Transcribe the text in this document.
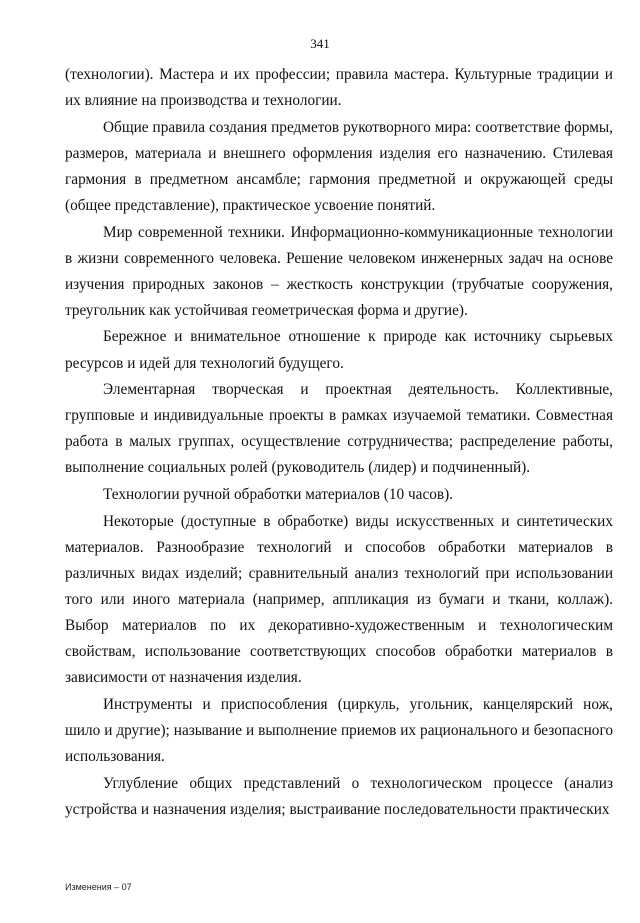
341

(технологии). Мастера и их профессии; правила мастера. Культурные традиции и их влияние на производства и технологии.

Общие правила создания предметов рукотворного мира: соответствие формы, размеров, материала и внешнего оформления изделия его назначению. Стилевая гармония в предметном ансамбле; гармония предметной и окружающей среды (общее представление), практическое усвоение понятий.

Мир современной техники. Информационно-коммуникационные технологии в жизни современного человека. Решение человеком инженерных задач на основе изучения природных законов – жесткость конструкции (трубчатые сооружения, треугольник как устойчивая геометрическая форма и другие).

Бережное и внимательное отношение к природе как источнику сырьевых ресурсов и идей для технологий будущего.

Элементарная творческая и проектная деятельность. Коллективные, групповые и индивидуальные проекты в рамках изучаемой тематики. Совместная работа в малых группах, осуществление сотрудничества; распределение работы, выполнение социальных ролей (руководитель (лидер) и подчиненный).

Технологии ручной обработки материалов (10 часов).

Некоторые (доступные в обработке) виды искусственных и синтетических материалов. Разнообразие технологий и способов обработки материалов в различных видах изделий; сравнительный анализ технологий при использовании того или иного материала (например, аппликация из бумаги и ткани, коллаж). Выбор материалов по их декоративно-художественным и технологическим свойствам, использование соответствующих способов обработки материалов в зависимости от назначения изделия.

Инструменты и приспособления (циркуль, угольник, канцелярский нож, шило и другие); называние и выполнение приемов их рационального и безопасного использования.

Углубление общих представлений о технологическом процессе (анализ устройства и назначения изделия; выстраивание последовательности практических

Изменения – 07
